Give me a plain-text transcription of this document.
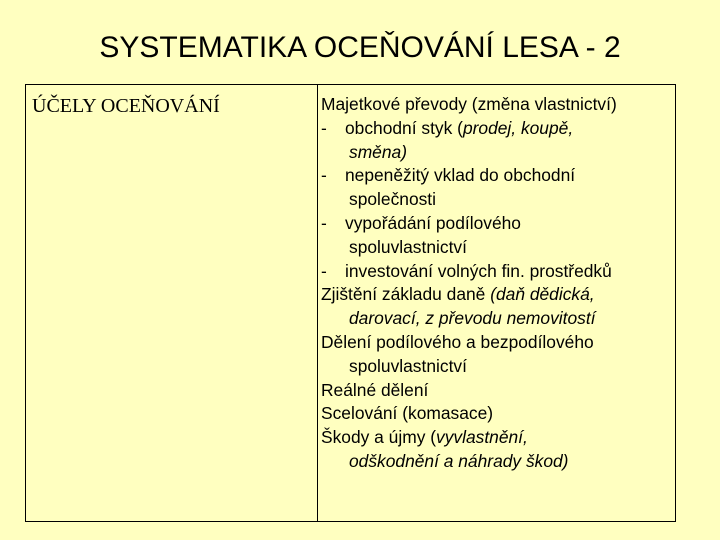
SYSTEMATIKA OCEŇOVÁNÍ LESA - 2
ÚČELY OCEŇOVÁNÍ	Majetkové převody (změna vlastnictví)
- obchodní styk (prodej, koupě,
směna)
- nepeněžitý vklad do obchodní
společnosti
- vypořádání podílového
spoluvlastnictví
- investování volných fin. prostředků
Zjištění základu daně (daň dědická,
darovací, z převodu nemovitostí
Dělení podílového a bezpodílového
spoluvlastnictví
Reálné dělení
Scelování (komasace)
Škody a újmy (vyvlastnění,
odškodnění a náhrady škod)
